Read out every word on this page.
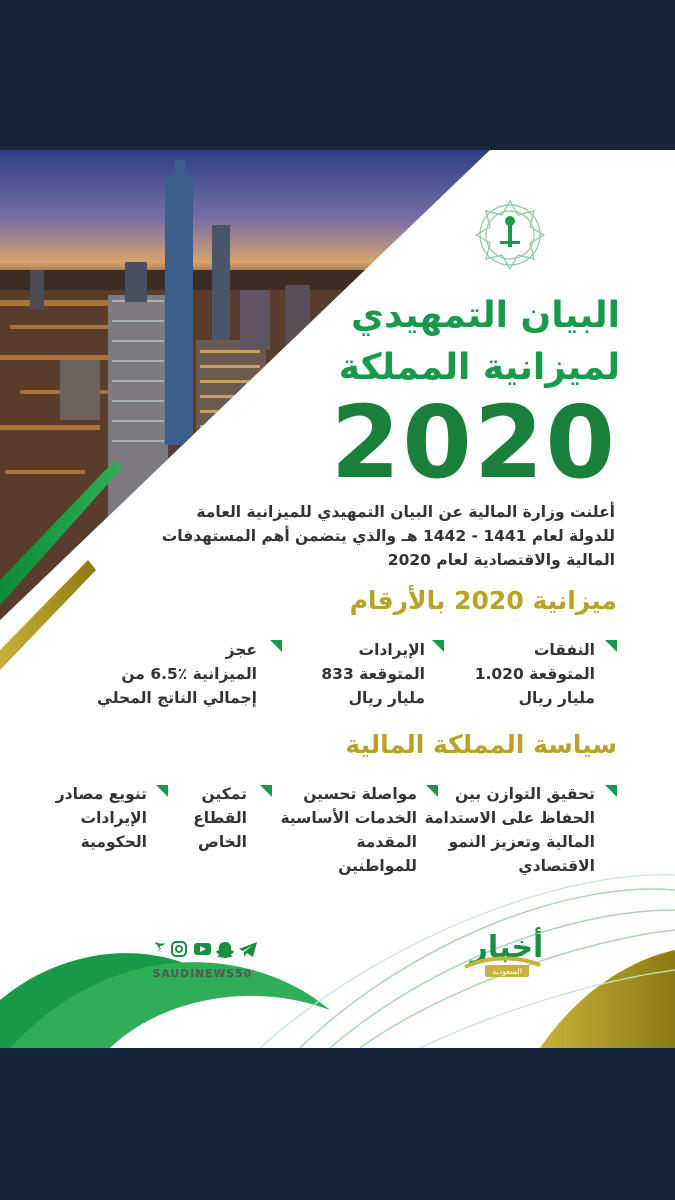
البيان التمهيدي
لميزانية المملكة
2020
أعلنت وزارة المالية عن البيان التمهيدي للميزانية العامة
للدولة لعام 1441 - 1442 هـ والذي يتضمن أهم المستهدفات
المالية والاقتصادية لعام 2020
ميزانية 2020 بالأرقام
النفقات
المتوقعة 1.020
مليار ريال
الإيرادات
المتوقعة 833
مليار ريال
عجز
الميزانية ٪6.5 من
إجمالي الناتج المحلي
سياسة المملكة المالية
تحقيق التوازن بين
الحفاظ على الاستدامة
المالية وتعزيز النمو
الاقتصادي
مواصلة تحسين
الخدمات الأساسية
المقدمة
للمواطنين
تمكين
القطاع
الخاص
تنويع مصادر
الإيرادات
الحكومية
أخبار
السعودية
SAUDINEWS50
